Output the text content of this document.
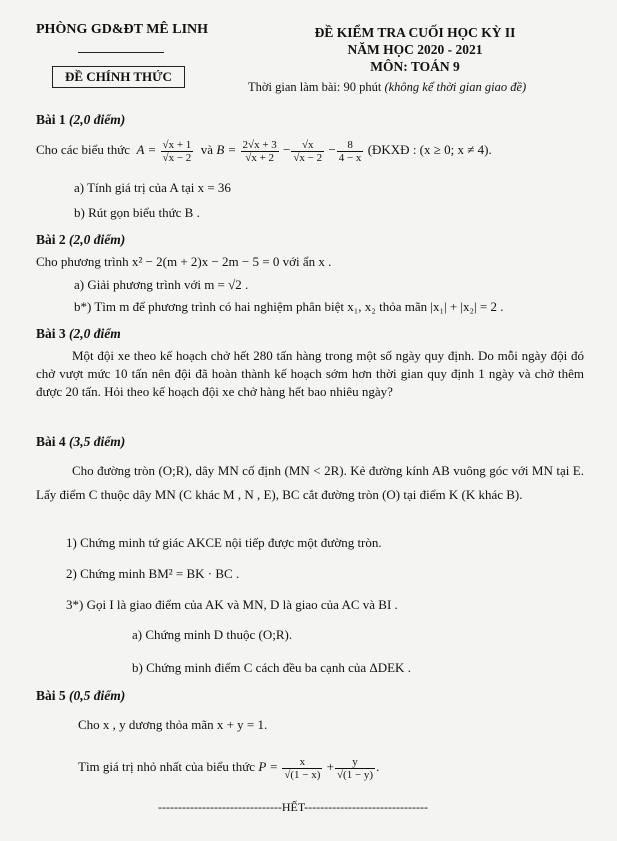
PHÒNG GD&ĐT MÊ LINH
ĐỀ CHÍNH THỨC
ĐỀ KIỂM TRA CUỐI HỌC KỲ II
NĂM HỌC 2020 - 2021
MÔN: TOÁN 9
Thời gian làm bài: 90 phút (không kể thời gian giao đề)
Bài 1 (2,0 điểm)
Cho các biểu thức  $A = \frac{√x + 1}{√x - 2}$ và $B = \frac{2√x + 3}{√x + 2} - \frac{√x}{√x - 2} - \frac{8}{4 - x}$ (ĐKXĐ : (x ≥ 0; x ≠ 4).
a) Tính giá trị của A tại x = 36
b) Rút gọn biểu thức B .
Bài 2 (2,0 điểm)
Cho phương trình x² − 2(m + 2)x − 2m − 5 = 0 với ẩn x .
a) Giải phương trình với m = √2 .
b*) Tìm m để phương trình có hai nghiệm phân biệt x₁, x₂ thỏa mãn |x₁| + |x₂| = 2 .
Bài 3 (2,0 điểm
Một đội xe theo kế hoạch chở hết 280 tấn hàng trong một số ngày quy định. Do mỗi ngày đội đó chở vượt mức 10 tấn nên đội đã hoàn thành kế hoạch sớm hơn thời gian quy định 1 ngày và chở thêm được 20 tấn. Hỏi theo kế hoạch đội xe chở hàng hết bao nhiêu ngày?
Bài 4 (3,5 điểm)
Cho đường tròn (O;R), dây MN cố định (MN < 2R). Kẻ đường kính AB vuông góc với MN tại E. Lấy điểm C thuộc dây MN (C khác M , N , E), BC cắt đường tròn (O) tại điểm K (K khác B).
1) Chứng minh tứ giác AKCE nội tiếp được một đường tròn.
2) Chứng minh BM² = BK · BC .
3*) Gọi I là giao điểm của AK và MN, D là giao của AC và BI .
a) Chứng minh D thuộc (O;R).
b) Chứng minh điểm C cách đều ba cạnh của ΔDEK .
Bài 5 (0,5 điểm)
Cho x , y dương thỏa mãn x + y = 1.
Tìm giá trị nhỏ nhất của biểu thức $P = \frac{x}{√(1 - x)} + \frac{y}{√(1 - y)}$ .
-------------------------------HẾT-------------------------------
